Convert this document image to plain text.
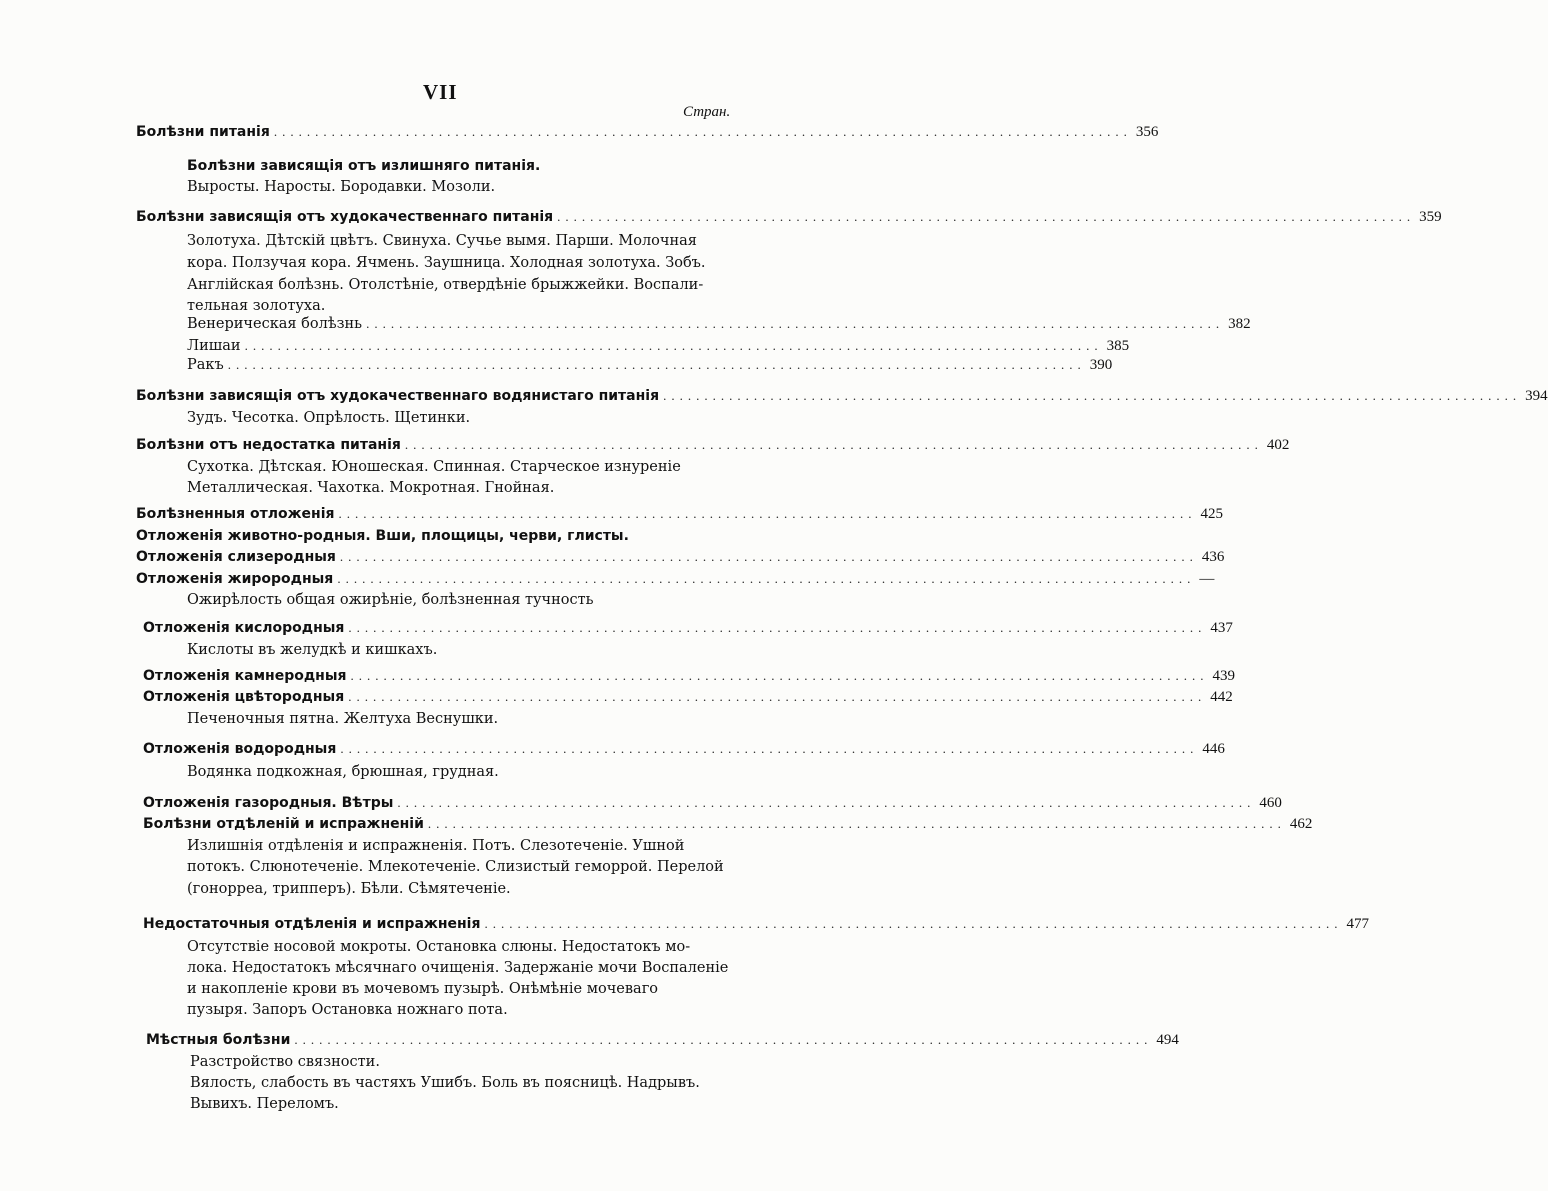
VII
Стран.
Болѣзни питанія ........................................................................................................ 356
Болѣзни зависящія отъ излишняго питанія.
Выросты. Наросты. Бородавки. Мозоли.
Болѣзни зависящія отъ худокачественнаго питанія ........................................................................................................ 359
Золотуха. Дѣтскій цвѣтъ. Свинуха. Сучье вымя. Парши. Молочная
кора. Ползучая кора. Ячмень. Заушница. Холодная золотуха. Зобъ.
Англійская болѣзнь. Отолстѣніе, отвердѣніе брыжжейки. Воспали-
тельная золотуха.
Венерическая болѣзнь ........................................................................................................ 382
Лишаи ........................................................................................................ 385
Ракъ ........................................................................................................ 390
Болѣзни зависящія отъ худокачественнаго водянистаго питанія ........................................................................................................ 394
Зудъ. Чесотка. Опрѣлость. Щетинки.
Болѣзни отъ недостатка питанія ........................................................................................................ 402
Сухотка. Дѣтская. Юношеская. Спинная. Старческое изнуреніе
Металлическая. Чахотка. Мокротная. Гнойная.
Болѣзненныя отложенія ........................................................................................................ 425
Отложенія животно-родныя. Вши, площицы, черви, глисты.
Отложенія слизеродныя ........................................................................................................ 436
Отложенія жирородныя ........................................................................................................ —
Ожирѣлость общая ожирѣніе, болѣзненная тучность
Отложенія кислородныя ........................................................................................................ 437
Кислоты въ желудкѣ и кишкахъ.
Отложенія камнеродныя ........................................................................................................ 439
Отложенія цвѣтородныя ........................................................................................................ 442
Печеночныя пятна. Желтуха Веснушки.
Отложенія водородныя ........................................................................................................ 446
Водянка подкожная, брюшная, грудная.
Отложенія газородныя. Вѣтры ........................................................................................................ 460
Болѣзни отдѣленій и испражненій ........................................................................................................ 462
Излишнія отдѣленія и испражненія. Потъ. Слезотеченіе. Ушной
потокъ. Слюнотеченіе. Млекотеченіе. Слизистый геморрой. Перелой
(гонорреа, трипперъ). Бѣли. Сѣмятеченіе.
Недостаточныя отдѣленія и испражненія ........................................................................................................ 477
Отсутствіе носовой мокроты. Остановка слюны. Недостатокъ мо-
лока. Недостатокъ мѣсячнаго очищенія. Задержаніе мочи Воспаленіе
и накопленіе крови въ мочевомъ пузырѣ. Онѣмѣніе мочеваго
пузыря. Запоръ Остановка ножнаго пота.
Мѣстныя болѣзни ........................................................................................................ 494
Разстройство связности.
Вялость, слабость въ частяхъ Ушибъ. Боль въ поясницѣ. Надрывъ.
Вывихъ. Переломъ.
